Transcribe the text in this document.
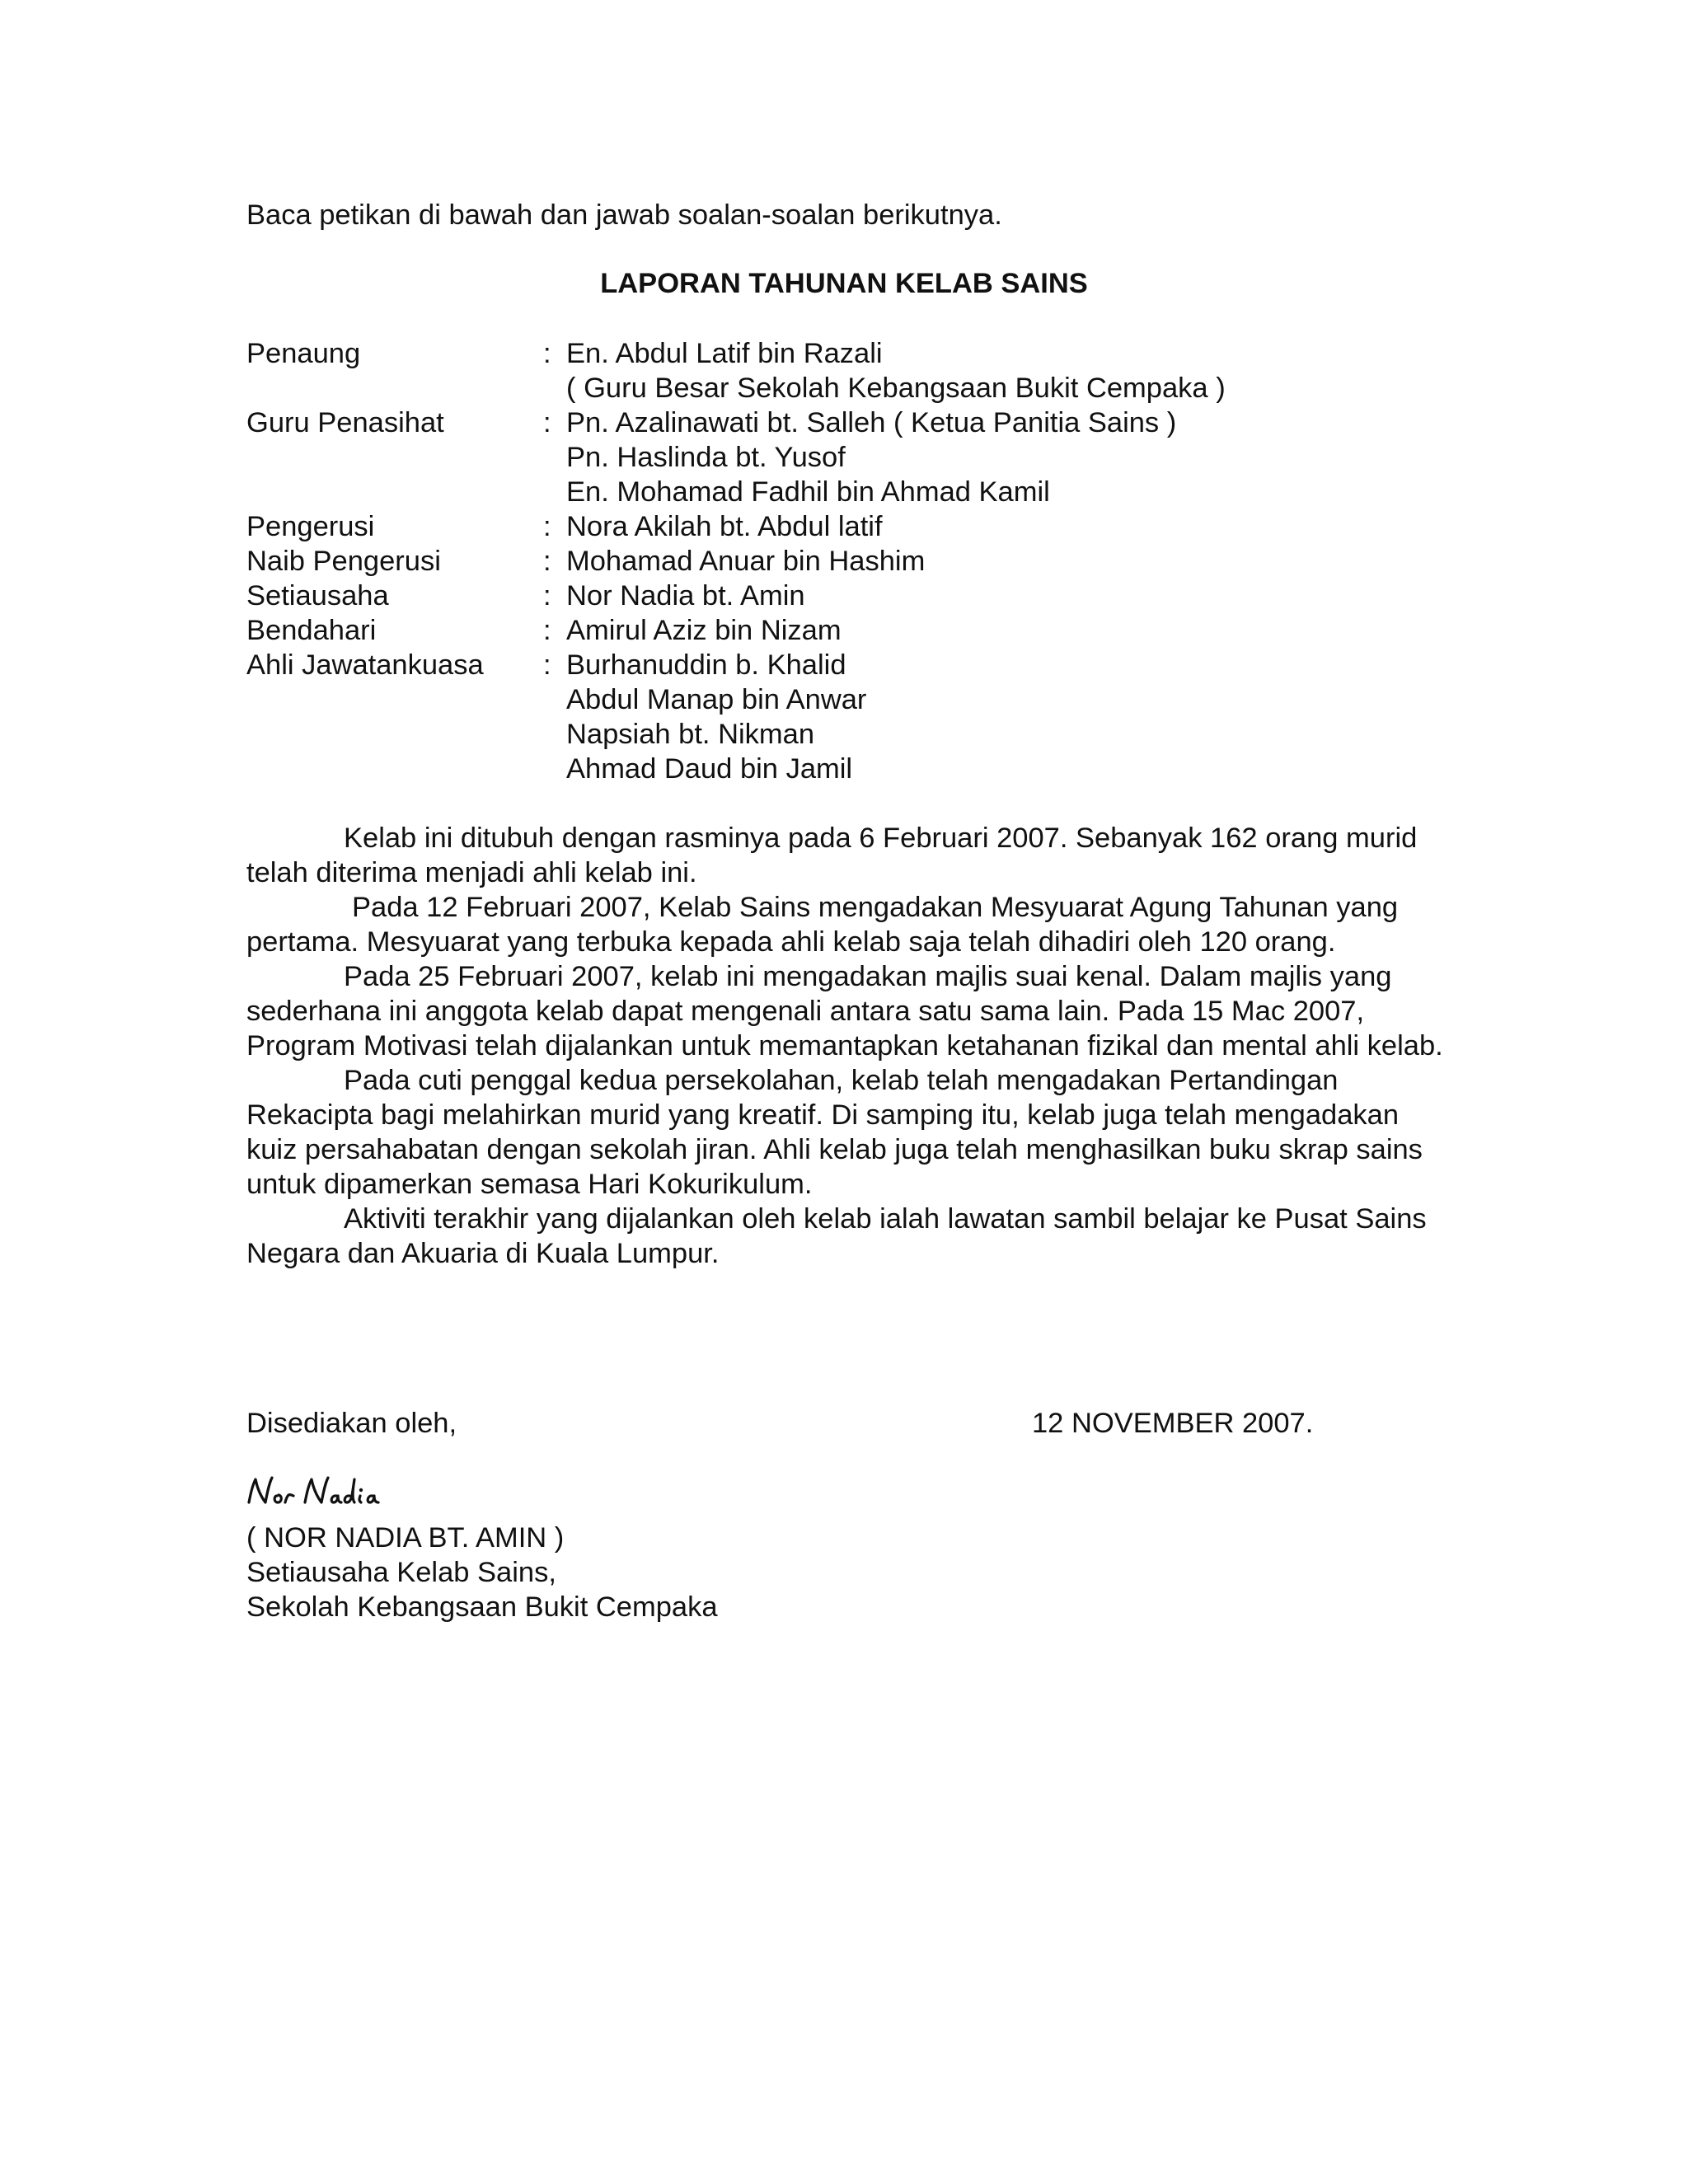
Baca petikan di bawah dan jawab soalan-soalan berikutnya.
LAPORAN TAHUNAN KELAB SAINS
Penaung	: En. Abdul Latif bin Razali
( Guru Besar Sekolah Kebangsaan Bukit Cempaka )
Guru Penasihat	: Pn. Azalinawati bt. Salleh ( Ketua Panitia Sains )
Pn. Haslinda bt. Yusof
En. Mohamad Fadhil bin Ahmad Kamil
Pengerusi	: Nora Akilah bt. Abdul latif
Naib Pengerusi	: Mohamad Anuar bin Hashim
Setiausaha	: Nor Nadia bt. Amin
Bendahari	: Amirul Aziz bin Nizam
Ahli Jawatankuasa	: Burhanuddin b. Khalid
Abdul Manap bin Anwar
Napsiah bt. Nikman
Ahmad Daud bin Jamil

Kelab ini ditubuh dengan rasminya pada 6 Februari 2007. Sebanyak 162 orang murid telah diterima menjadi ahli kelab ini.

Pada 12 Februari 2007, Kelab Sains mengadakan Mesyuarat Agung Tahunan yang pertama. Mesyuarat yang terbuka kepada ahli kelab saja telah dihadiri oleh 120 orang.

Pada 25 Februari 2007, kelab ini mengadakan majlis suai kenal. Dalam majlis yang sederhana ini anggota kelab dapat mengenali antara satu sama lain. Pada 15 Mac 2007, Program Motivasi telah dijalankan untuk memantapkan ketahanan fizikal dan mental ahli kelab.

Pada cuti penggal kedua persekolahan, kelab telah mengadakan Pertandingan Rekacipta bagi melahirkan murid yang kreatif. Di samping itu, kelab juga telah mengadakan kuiz persahabatan dengan sekolah jiran. Ahli kelab juga telah menghasilkan buku skrap sains untuk dipamerkan semasa Hari Kokurikulum.

Aktiviti terakhir yang dijalankan oleh kelab ialah lawatan sambil belajar ke Pusat Sains Negara dan Akuaria di Kuala Lumpur.

Disediakan oleh,	12 NOVEMBER 2007.
( NOR NADIA BT. AMIN )
Setiausaha Kelab Sains,
Sekolah Kebangsaan Bukit Cempaka
